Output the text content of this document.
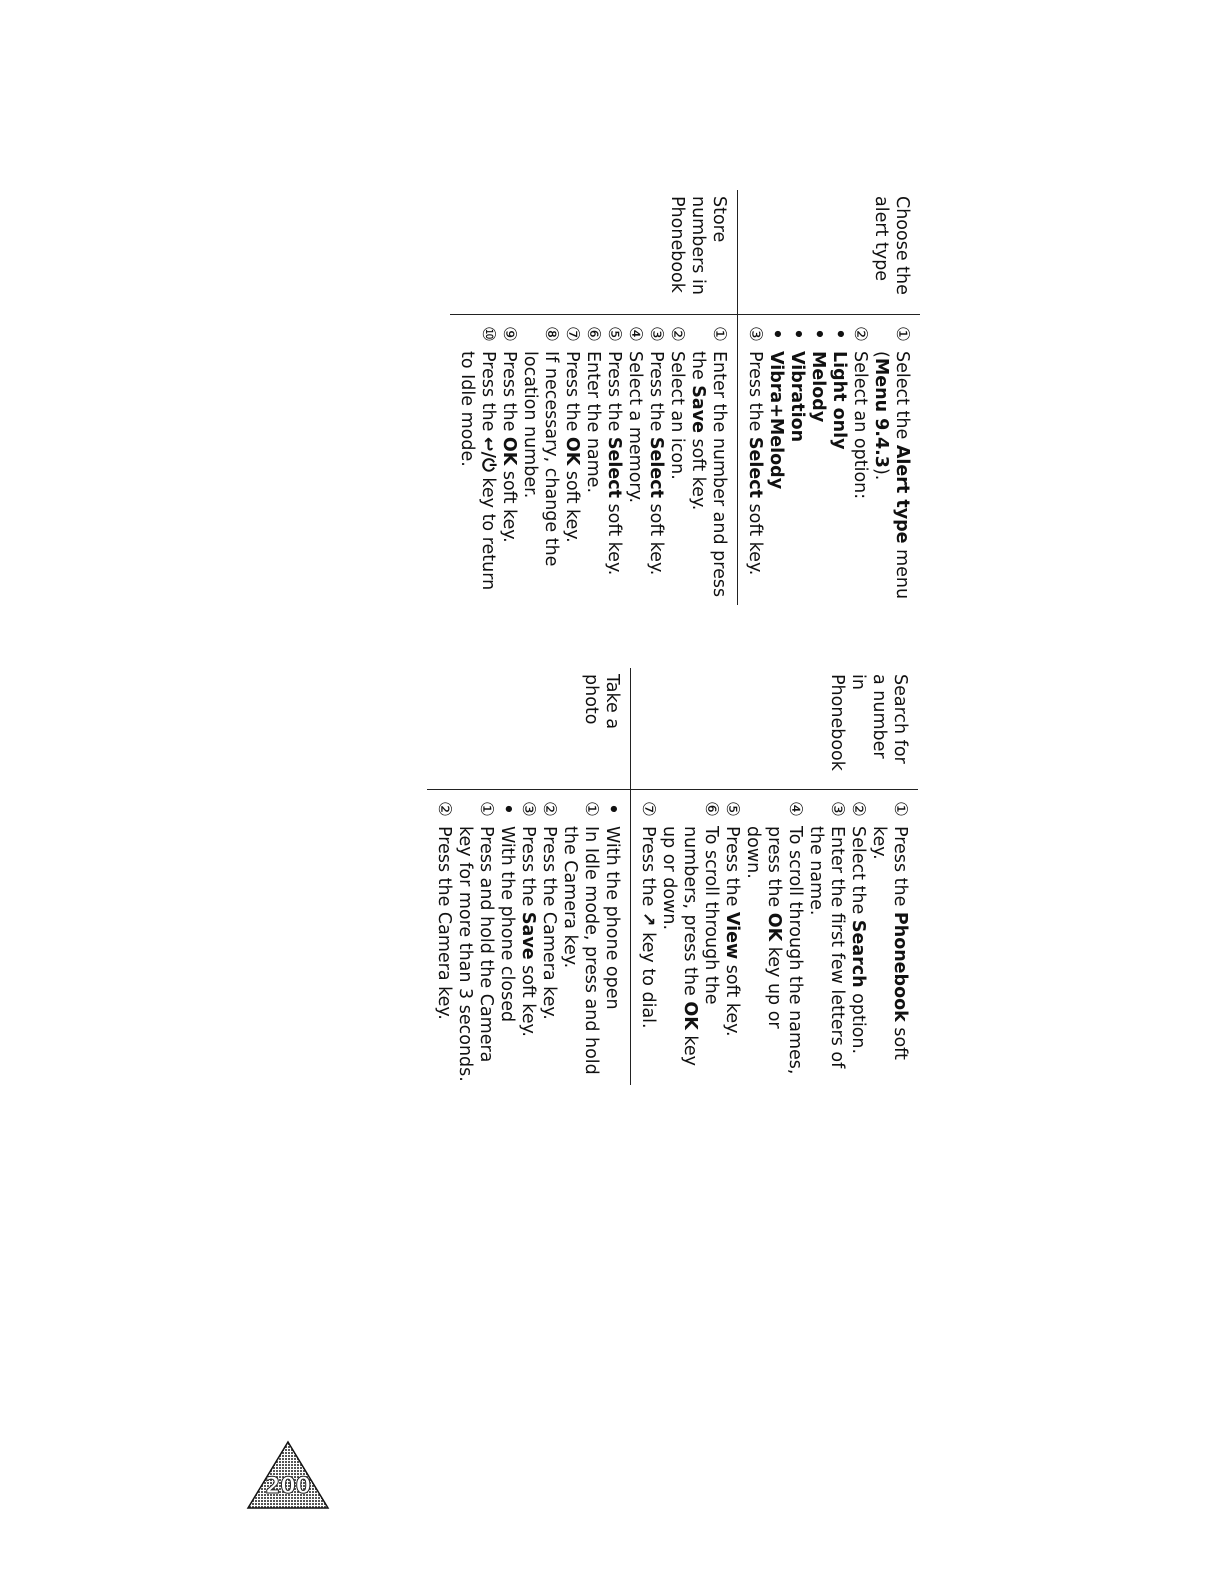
Choose the alert type
①
Select the Alert type menu (Menu 9.4.3).
②
Select an option:
•
Light only
•
Melody
•
Vibration
•
Vibra+Melody
③
Press the Select soft key.
Store numbers in Phonebook
①
Enter the number and press the Save soft key.
②
Select an icon.
③
Press the Select soft key.
④
Select a memory.
⑤
Press the Select soft key.
⑥
Enter the name.
⑦
Press the OK soft key.
⑧
If necessary, change the location number.
⑨
Press the OK soft key.
⑩
Press the ↩/⏻ key to return to Idle mode.
Search for a number in Phonebook
①
Press the Phonebook soft key.
②
Select the Search option.
③
Enter the first few letters of the name.
④
To scroll through the names, press the OK key up or down.
⑤
Press the View soft key.
⑥
To scroll through the numbers, press the OK key up or down.
⑦
Press the ↗ key to dial.
Take a photo
•
With the phone open
①
In Idle mode, press and hold the Camera key.
②
Press the Camera key.
③
Press the Save soft key.
•
With the phone closed
①
Press and hold the Camera key for more than 3 seconds.
②
Press the Camera key.
200
